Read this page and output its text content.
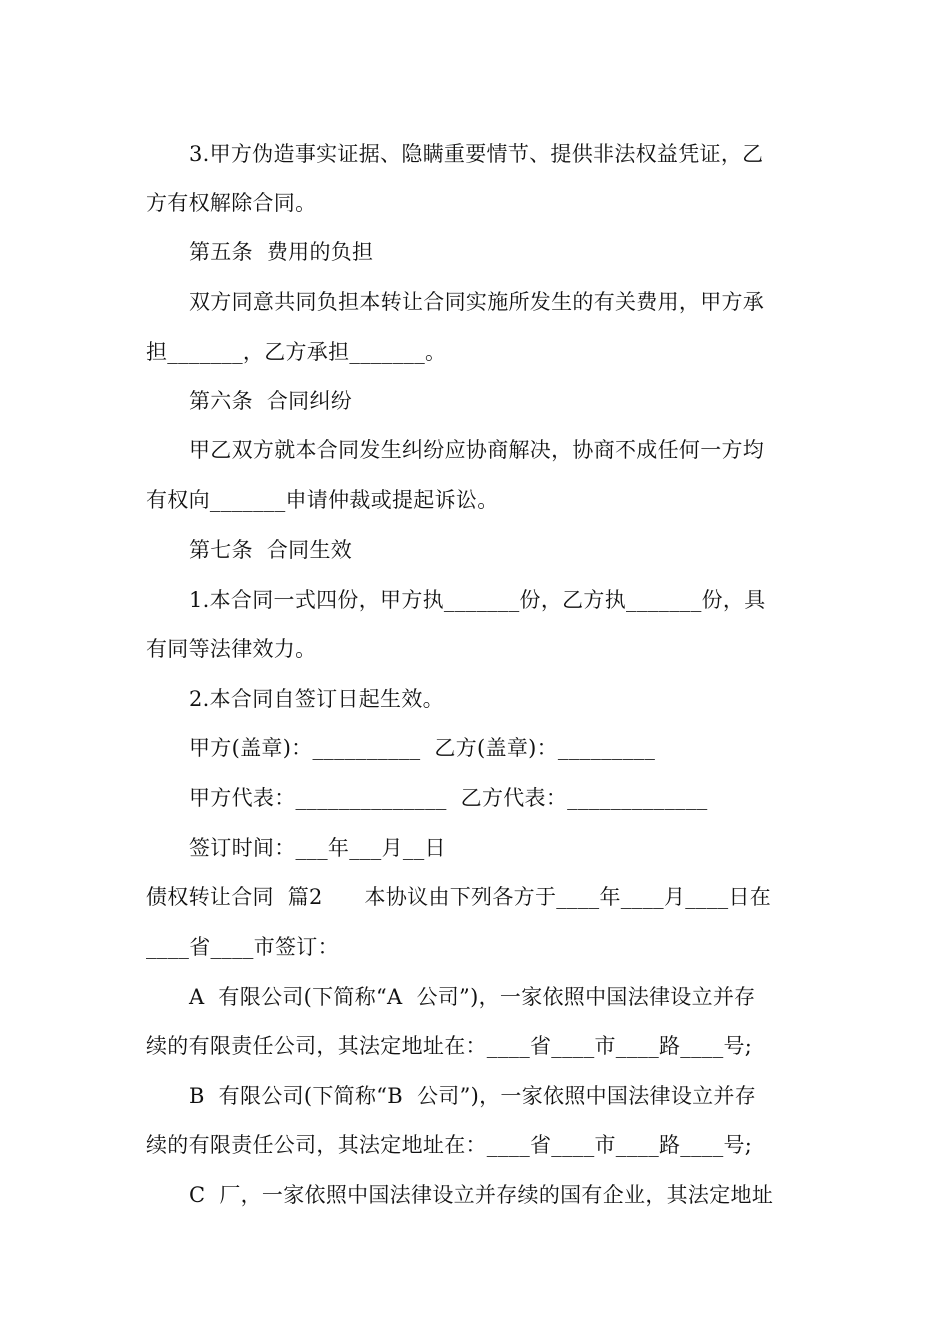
3.甲方伪造事实证据、隐瞒重要情节、提供非法权益凭证，乙
方有权解除合同。
第五条  费用的负担
双方同意共同负担本转让合同实施所发生的有关费用，甲方承
担_______，乙方承担_______。
第六条  合同纠纷
甲乙双方就本合同发生纠纷应协商解决，协商不成任何一方均
有权向_______申请仲裁或提起诉讼。
第七条  合同生效
1.本合同一式四份，甲方执_______份，乙方执_______份，具
有同等法律效力。
2.本合同自签订日起生效。
甲方(盖章)：__________  乙方(盖章)：_________
甲方代表：______________  乙方代表：_____________
签订时间：___年___月__日
债权转让合同  篇2      本协议由下列各方于____年____月____日在
____省____市签订：
A  有限公司(下简称“A  公司”)，一家依照中国法律设立并存
续的有限责任公司，其法定地址在：____省____市____路____号;
B  有限公司(下简称“B  公司”)，一家依照中国法律设立并存
续的有限责任公司，其法定地址在：____省____市____路____号;
C  厂，一家依照中国法律设立并存续的国有企业，其法定地址
